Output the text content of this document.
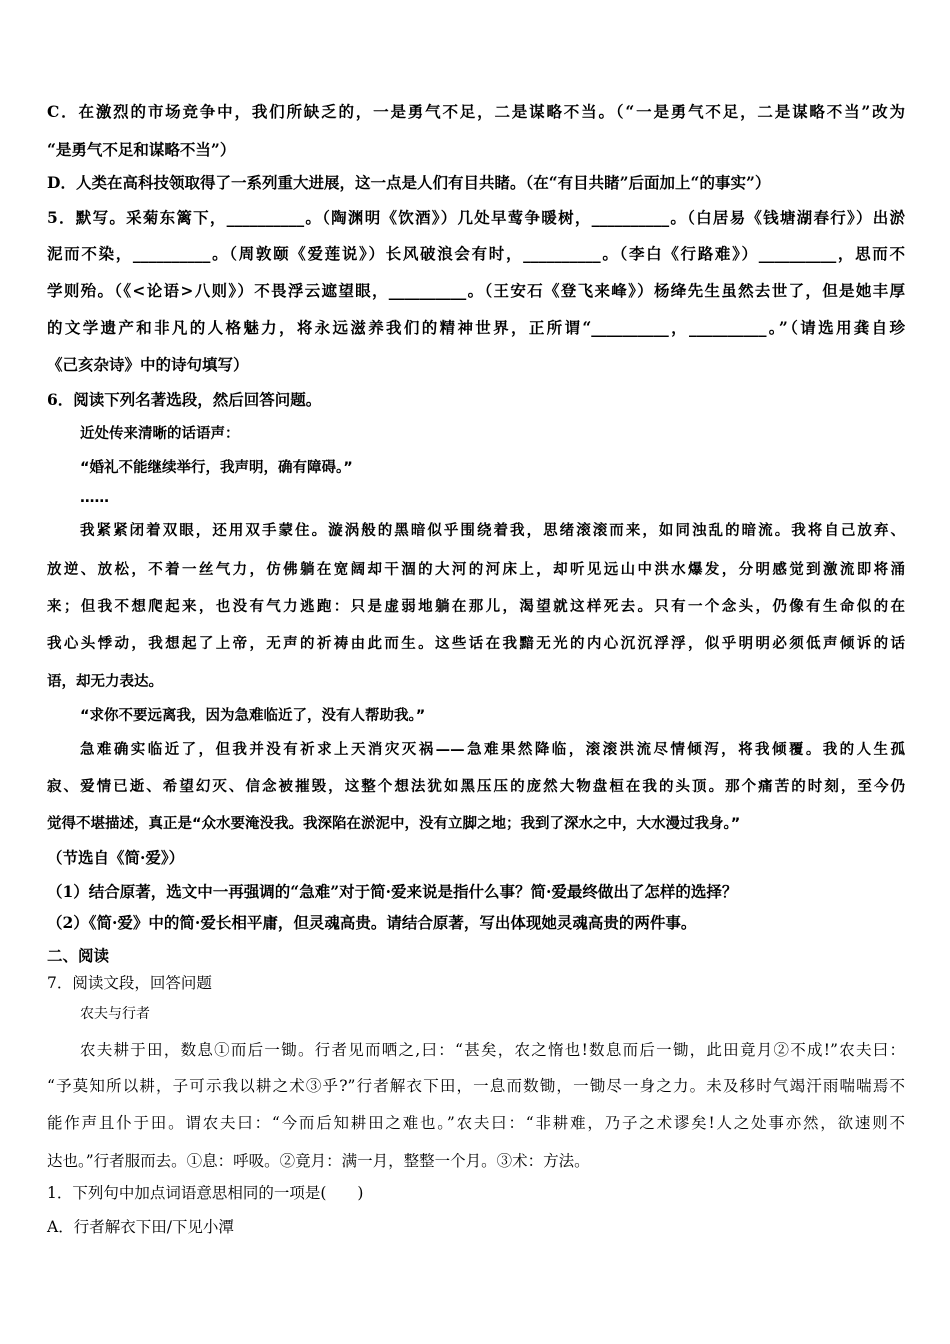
C．在激烈的市场竞争中，我们所缺乏的，一是勇气不足，二是谋略不当。（“一是勇气不足，二是谋略不当”改为
“是勇气不足和谋略不当”）
D．人类在高科技领取得了一系列重大进展，这一点是人们有目共睹。（在“有目共睹”后面加上“的事实”）
5．默写。采菊东篱下，__________。（陶渊明《饮酒》）几处早莺争暖树，__________。（白居易《钱塘湖春行》）出淤
泥而不染，__________。（周敦颐《爱莲说》）长风破浪会有时，__________。（李白《行路难》）__________，思而不
学则殆。（《<论语>八则》）不畏浮云遮望眼，__________。（王安石《登飞来峰》）杨绛先生虽然去世了，但是她丰厚
的文学遗产和非凡的人格魅力，将永远滋养我们的精神世界，正所谓“__________，__________。”（请选用龚自珍
《己亥杂诗》中的诗句填写）
6．阅读下列名著选段，然后回答问题。
近处传来清晰的话语声：
“婚礼不能继续举行，我声明，确有障碍。”
……
我紧紧闭着双眼，还用双手蒙住。漩涡般的黑暗似乎围绕着我，思绪滚滚而来，如同浊乱的暗流。我将自己放弃、
放逆、放松，不着一丝气力，仿佛躺在宽阔却干涸的大河的河床上，却听见远山中洪水爆发，分明感觉到激流即将涌
来；但我不想爬起来，也没有气力逃跑：只是虚弱地躺在那儿，渴望就这样死去。只有一个念头，仍像有生命似的在
我心头悸动，我想起了上帝，无声的祈祷由此而生。这些话在我黯无光的内心沉沉浮浮，似乎明明必须低声倾诉的话
语，却无力表达。
“求你不要远离我，因为急难临近了，没有人帮助我。”
急难确实临近了，但我并没有祈求上天消灾灭祸——急难果然降临，滚滚洪流尽情倾泻，将我倾覆。我的人生孤
寂、爱情已逝、希望幻灭、信念被摧毁，这整个想法犹如黑压压的庞然大物盘桓在我的头顶。那个痛苦的时刻，至今仍
觉得不堪描述，真正是“众水要淹没我。我深陷在淤泥中，没有立脚之地；我到了深水之中，大水漫过我身。”
（节选自《简·爱》）
（1）结合原著，选文中一再强调的“急难”对于简·爱来说是指什么事？简·爱最终做出了怎样的选择？
（2）《简·爱》中的简·爱长相平庸，但灵魂高贵。请结合原著，写出体现她灵魂高贵的两件事。
二、阅读
7．阅读文段，回答问题
农夫与行者
农夫耕于田，数息①而后一锄。行者见而哂之,曰：“甚矣，农之惰也!数息而后一锄，此田竟月②不成!”农夫曰：
“予莫知所以耕，子可示我以耕之术③乎?”行者解衣下田，一息而数锄，一锄尽一身之力。未及移时气竭汗雨喘喘焉不
能作声且仆于田。谓农夫曰：“今而后知耕田之难也。”农夫曰：“非耕难，乃子之术谬矣!人之处事亦然，欲速则不
达也。”行者服而去。①息：呼吸。②竟月：满一月，整整一个月。③术：方法。
1．下列句中加点词语意思相同的一项是(　　)
A．行者解衣下田/下见小潭
